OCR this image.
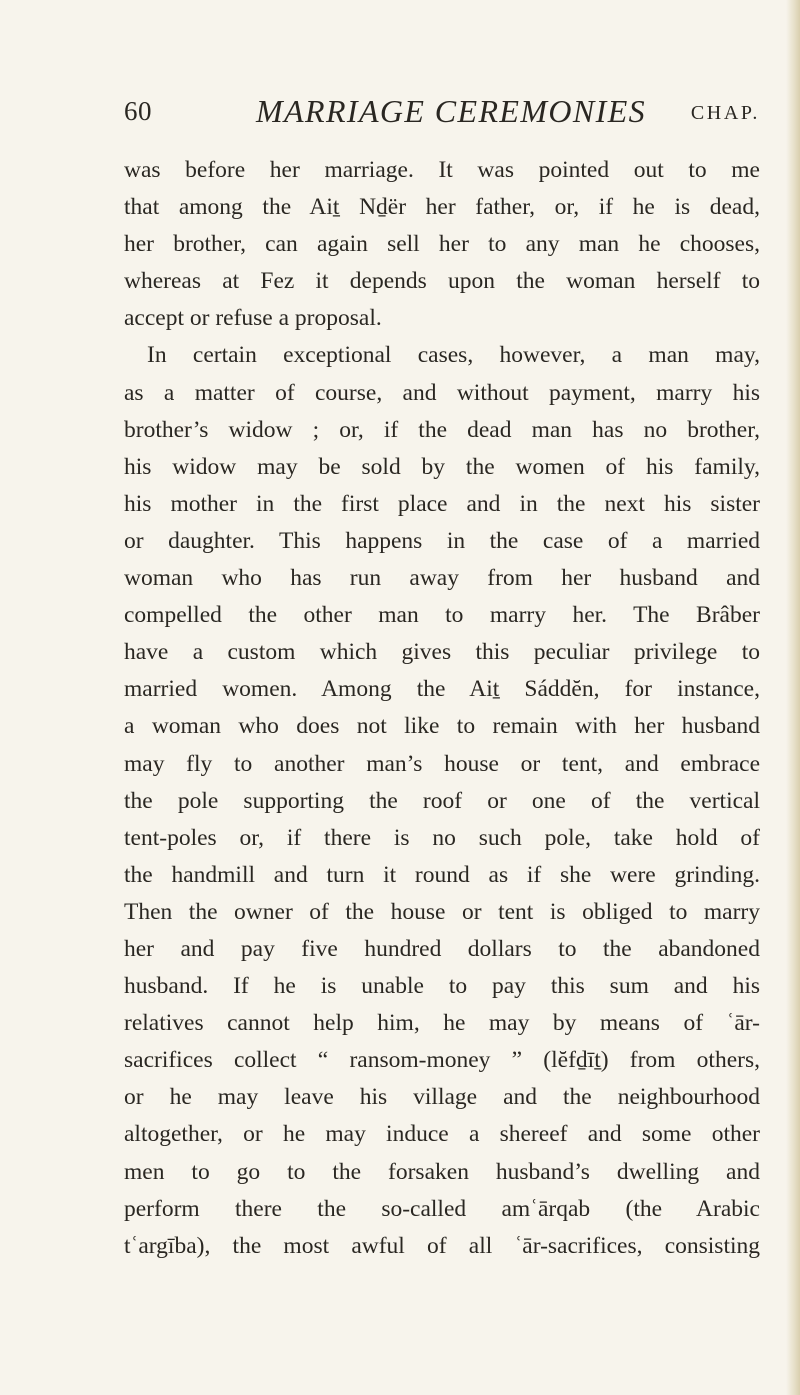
60	MARRIAGE CEREMONIES CHAP.
was before her marriage. It was pointed out to me
that among the Aiṯ Nḏër her father, or, if he is dead,
her brother, can again sell her to any man he chooses,
whereas at Fez it depends upon the woman herself to
accept or refuse a proposal.
In certain exceptional cases, however, a man may,
as a matter of course, and without payment, marry his
brother’s widow ; or, if the dead man has no brother,
his widow may be sold by the women of his family,
his mother in the first place and in the next his sister
or daughter. This happens in the case of a married
woman who has run away from her husband and
compelled the other man to marry her. The Brâber
have a custom which gives this peculiar privilege to
married women. Among the Aiṯ Sáddĕn, for instance,
a woman who does not like to remain with her husband
may fly to another man’s house or tent, and embrace
the pole supporting the roof or one of the vertical
tent-poles or, if there is no such pole, take hold of
the handmill and turn it round as if she were grinding.
Then the owner of the house or tent is obliged to marry
her and pay five hundred dollars to the abandoned
husband. If he is unable to pay this sum and his
relatives cannot help him, he may by means of ʿār-
sacrifices collect “ ransom-money ” (lĕfḏīṯ) from others,
or he may leave his village and the neighbourhood
altogether, or he may induce a shereef and some other
men to go to the forsaken husband’s dwelling and
perform there the so-called amʿārqab (the Arabic
tʿargība), the most awful of all ʿār-sacrifices, consisting
